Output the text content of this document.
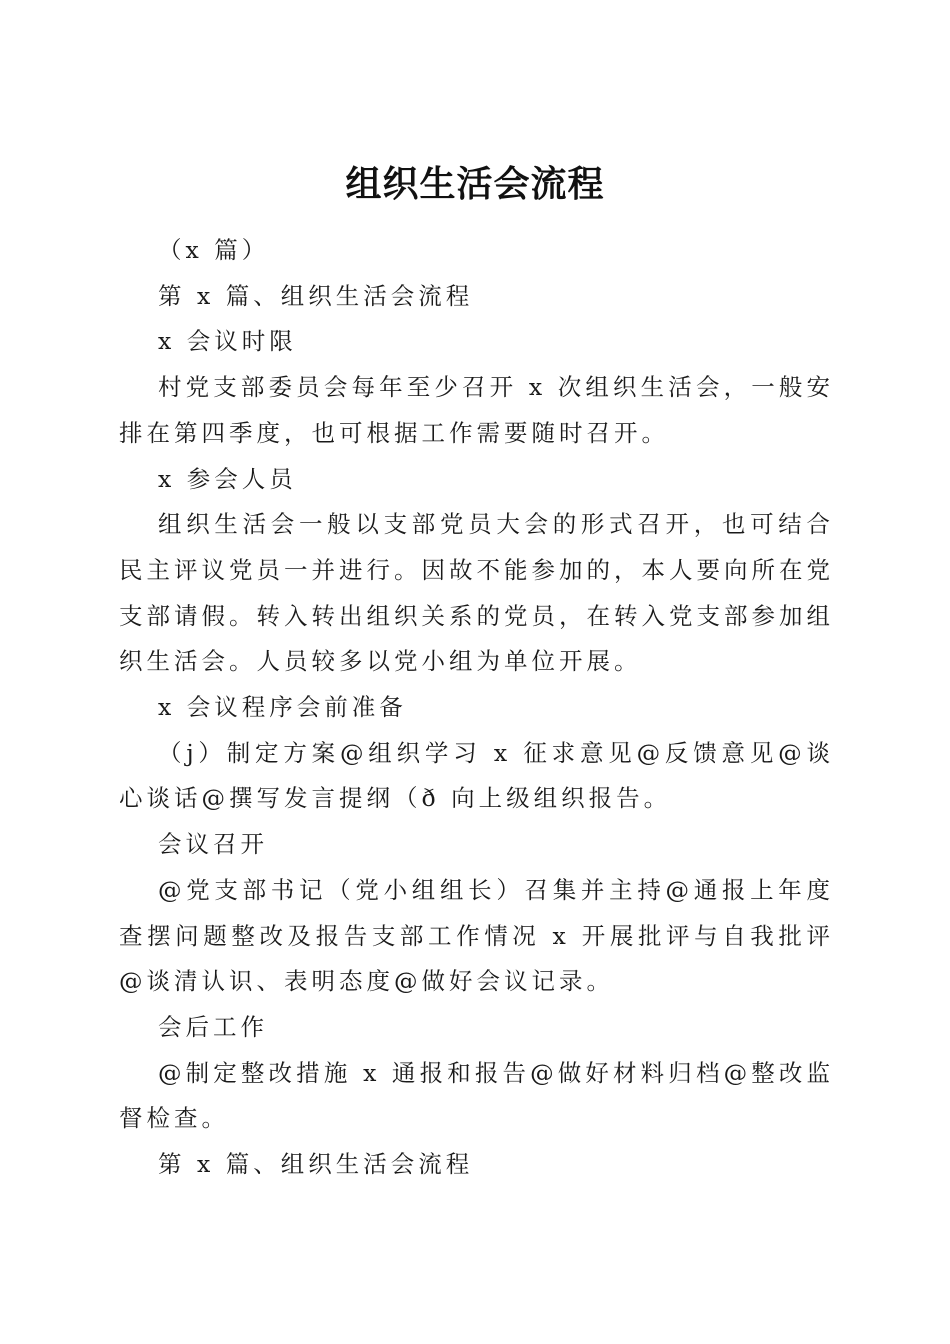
组织生活会流程

（x 篇）

第 x 篇、组织生活会流程

x 会议时限

村党支部委员会每年至少召开 x 次组织生活会，一般安排在第四季度，也可根据工作需要随时召开。

x 参会人员

组织生活会一般以支部党员大会的形式召开，也可结合民主评议党员一并进行。因故不能参加的，本人要向所在党支部请假。转入转出组织关系的党员，在转入党支部参加组织生活会。人员较多以党小组为单位开展。

x 会议程序会前准备

（j）制定方案@组织学习 x 征求意见@反馈意见@谈心谈话@撰写发言提纲（ð 向上级组织报告。

会议召开

@党支部书记（党小组组长）召集并主持@通报上年度查摆问题整改及报告支部工作情况 x 开展批评与自我批评@谈清认识、表明态度@做好会议记录。

会后工作

@制定整改措施 x 通报和报告@做好材料归档@整改监督检查。

第 x 篇、组织生活会流程
